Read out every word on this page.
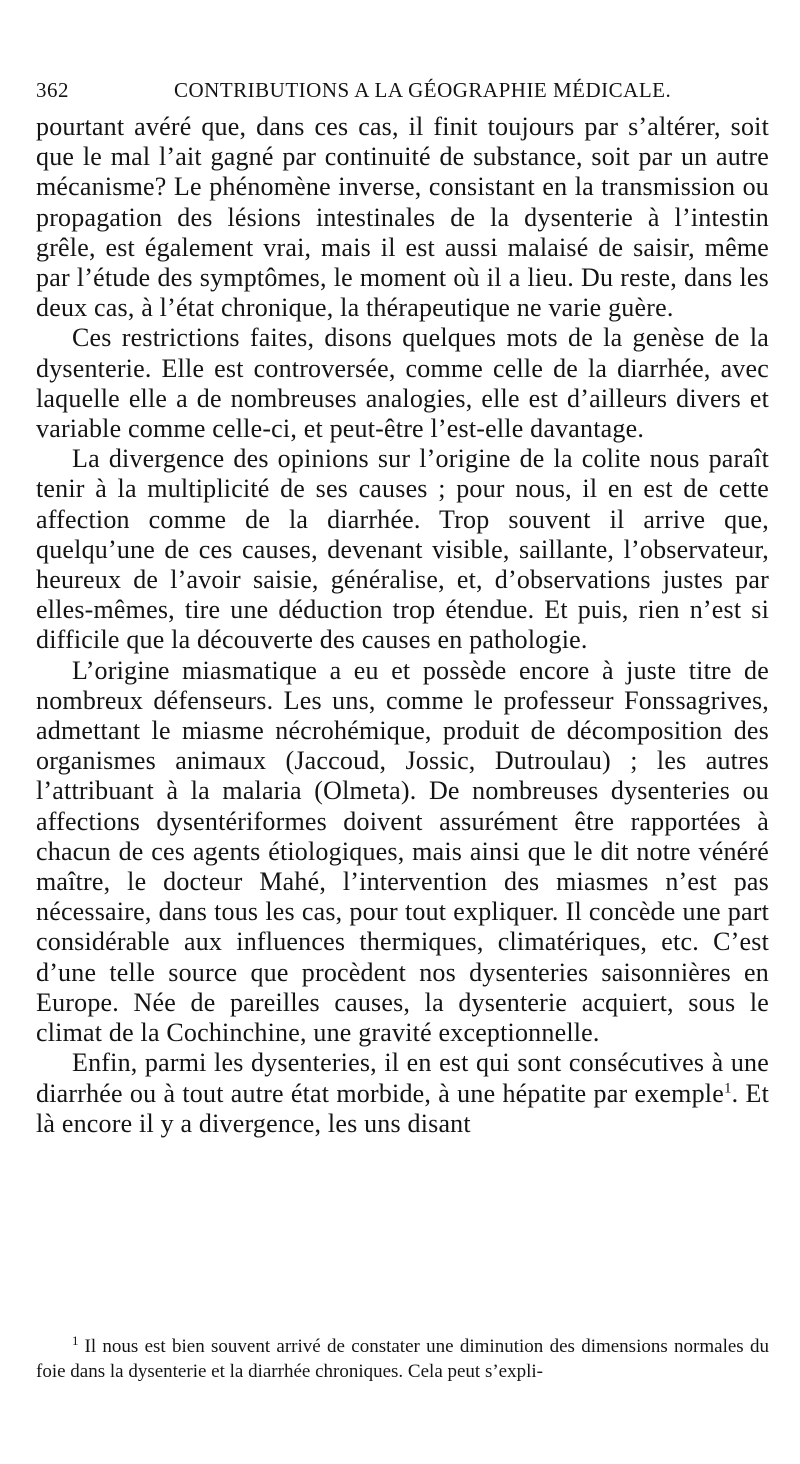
362	CONTRIBUTIONS A LA GÉOGRAPHIE MÉDICALE.

pourtant avéré que, dans ces cas, il finit toujours par s’altérer, soit que le mal l’ait gagné par continuité de substance, soit par un autre mécanisme? Le phénomène inverse, consistant en la transmission ou propagation des lésions intestinales de la dysenterie à l’intestin grêle, est également vrai, mais il est aussi malaisé de saisir, même par l’étude des symptômes, le moment où il a lieu. Du reste, dans les deux cas, à l’état chronique, la thérapeutique ne varie guère.

Ces restrictions faites, disons quelques mots de la genèse de la dysenterie. Elle est controversée, comme celle de la diarrhée, avec laquelle elle a de nombreuses analogies, elle est d’ailleurs divers et variable comme celle-ci, et peut-être l’est-elle davantage.

La divergence des opinions sur l’origine de la colite nous paraît tenir à la multiplicité de ses causes ; pour nous, il en est de cette affection comme de la diarrhée. Trop souvent il arrive que, quelqu’une de ces causes, devenant visible, saillante, l’observateur, heureux de l’avoir saisie, généralise, et, d’observations justes par elles-mêmes, tire une déduction trop étendue. Et puis, rien n’est si difficile que la découverte des causes en pathologie.

L’origine miasmatique a eu et possède encore à juste titre de nombreux défenseurs. Les uns, comme le professeur Fonssagrives, admettant le miasme nécrohémique, produit de décomposition des organismes animaux (Jaccoud, Jossic, Dutroulau) ; les autres l’attribuant à la malaria (Olmeta). De nombreuses dysenteries ou affections dysentériformes doivent assurément être rapportées à chacun de ces agents étiologiques, mais ainsi que le dit notre vénéré maître, le docteur Mahé, l’intervention des miasmes n’est pas nécessaire, dans tous les cas, pour tout expliquer. Il concède une part considérable aux influences thermiques, climatériques, etc. C’est d’une telle source que procèdent nos dysenteries saisonnières en Europe. Née de pareilles causes, la dysenterie acquiert, sous le climat de la Cochinchine, une gravité exceptionnelle.

Enfin, parmi les dysenteries, il en est qui sont consécutives à une diarrhée ou à tout autre état morbide, à une hépatite par exemple$^1$. Et là encore il y a divergence, les uns disant

$^1$ Il nous est bien souvent arrivé de constater une diminution des dimensions normales du foie dans la dysenterie et la diarrhée chroniques. Cela peut s’expli-
